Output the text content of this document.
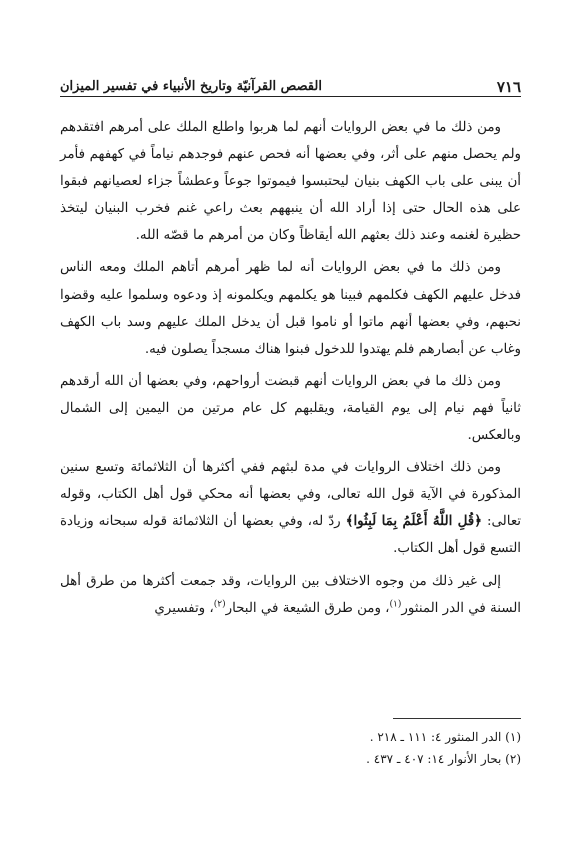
٧١٦
القصص القرآنيّة وتاريخ الأنبياء في تفسير الميزان

ومن ذلك ما في بعض الروايات أنهم لما هربوا واطلع الملك على أمرهم افتقدهم ولم يحصل منهم على أثر، وفي بعضها أنه فحص عنهم فوجدهم نياماً في كهفهم فأمر أن يبنى على باب الكهف بنيان ليحتبسوا فيموتوا جوعاً وعطشاً جزاء لعصيانهم فبقوا على هذه الحال حتى إذا أراد الله أن ينبههم بعث راعي غنم فخرب البنيان ليتخذ حظيرة لغنمه وعند ذلك بعثهم الله أيقاظاً وكان من أمرهم ما قصّه الله.

ومن ذلك ما في بعض الروايات أنه لما ظهر أمرهم أتاهم الملك ومعه الناس فدخل عليهم الكهف فكلمهم فبينا هو يكلمهم ويكلمونه إذ ودعوه وسلموا عليه وقضوا نحبهم، وفي بعضها أنهم ماتوا أو ناموا قبل أن يدخل الملك عليهم وسد باب الكهف وغاب عن أبصارهم فلم يهتدوا للدخول فبنوا هناك مسجداً يصلون فيه.

ومن ذلك ما في بعض الروايات أنهم قبضت أرواحهم، وفي بعضها أن الله أرقدهم ثانياً فهم نيام إلى يوم القيامة، ويقلبهم كل عام مرتين من اليمين إلى الشمال وبالعكس.

ومن ذلك اختلاف الروايات في مدة لبثهم ففي أكثرها أن الثلاثمائة وتسع سنين المذكورة في الآية قول الله تعالى، وفي بعضها أنه محكي قول أهل الكتاب، وقوله تعالى: ﴿قُلِ اللَّهُ أَعْلَمُ بِمَا لَبِثُوا﴾ ردّ له، وفي بعضها أن الثلاثمائة قوله سبحانه وزيادة التسع قول أهل الكتاب.

إلى غير ذلك من وجوه الاختلاف بين الروايات، وقد جمعت أكثرها من طرق أهل السنة في الدر المنثور$^{(١)}$، ومن طرق الشيعة في البحار$^{(٢)}$، وتفسيري

(١) الدر المنثور ٤: ١١١ ـ ٢١٨ .
(٢) بحار الأنوار ١٤: ٤٠٧ ـ ٤٣٧ .
